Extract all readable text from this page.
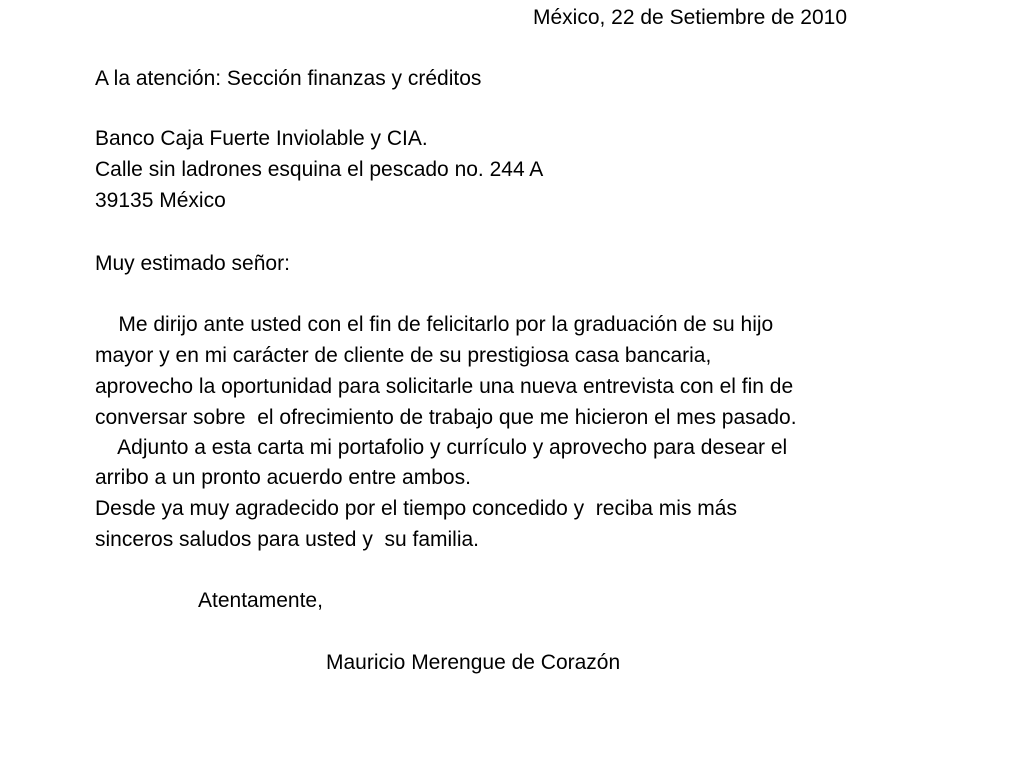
México, 22 de Setiembre de 2010
A la atención: Sección finanzas y créditos
Banco Caja Fuerte Inviolable y CIA.
Calle sin ladrones esquina el pescado no. 244 A
39135 México
Muy estimado señor:
Me dirijo ante usted con el fin de felicitarlo por la graduación de su hijo
mayor y en mi carácter de cliente de su prestigiosa casa bancaria,
aprovecho la oportunidad para solicitarle una nueva entrevista con el fin de
conversar sobre  el ofrecimiento de trabajo que me hicieron el mes pasado.
Adjunto a esta carta mi portafolio y currículo y aprovecho para desear el
arribo a un pronto acuerdo entre ambos.
Desde ya muy agradecido por el tiempo concedido y  reciba mis más
sinceros saludos para usted y  su familia.
Atentamente,
Mauricio Merengue de Corazón
